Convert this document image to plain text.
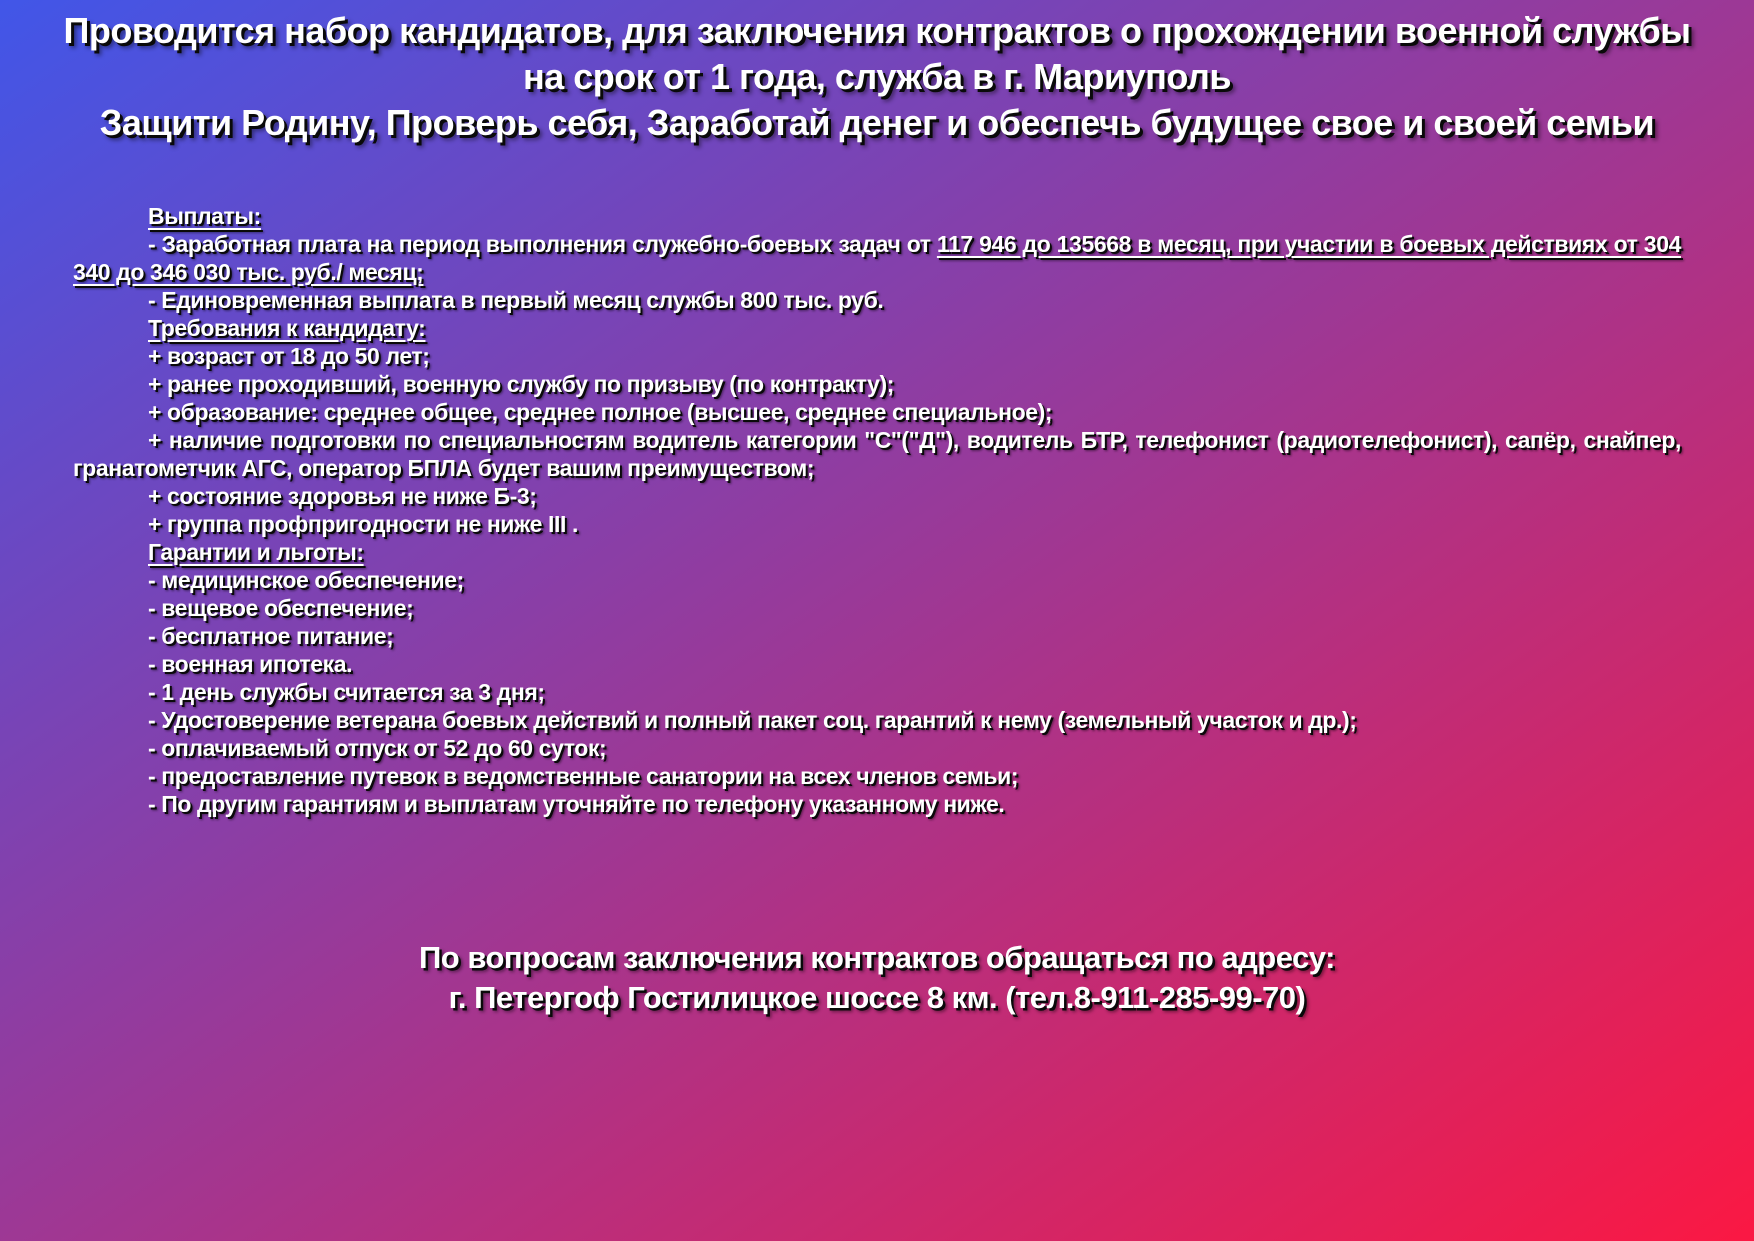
Проводится набор кандидатов, для заключения контрактов о прохождении военной службы
на срок от 1 года, служба в г. Мариуполь
Защити Родину, Проверь себя, Заработай денег и обеспечь будущее свое и своей семьи

Выплаты:

- Заработная плата на период выполнения служебно-боевых задач от 117 946 до 135668 в месяц, при участии в боевых действиях от 304 340 до 346 030 тыс. руб./ месяц;

- Единовременная выплата в первый месяц службы 800 тыс. руб.

Требования к кандидату:

+ возраст от 18 до 50 лет;

+ ранее проходивший, военную службу по призыву (по контракту);

+ образование: среднее общее, среднее полное (высшее, среднее специальное);

+ наличие подготовки по специальностям водитель категории "С"("Д"), водитель БТР, телефонист (радиотелефонист), сапёр, снайпер, гранатометчик АГС, оператор БПЛА будет вашим преимуществом;

+ состояние здоровья не ниже Б-3;

+ группа профпригодности не ниже III .

Гарантии и льготы:

- медицинское обеспечение;

- вещевое обеспечение;

- бесплатное питание;

- военная ипотека.

- 1 день службы считается за 3 дня;

- Удостоверение ветерана боевых действий и полный пакет соц. гарантий к нему (земельный участок и др.);

- оплачиваемый отпуск от 52 до 60 суток;

- предоставление путевок в ведомственные санатории на всех членов семьи;

- По другим гарантиям и выплатам уточняйте по телефону указанному ниже.

По вопросам заключения контрактов обращаться по адресу:
г. Петергоф Гостилицкое шоссе 8 км. (тел.8-911-285-99-70)
